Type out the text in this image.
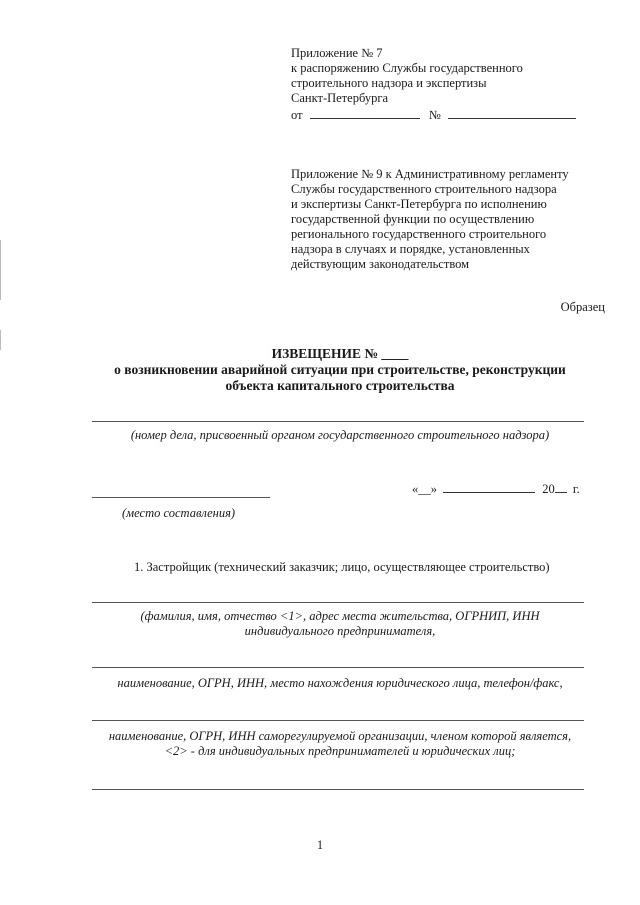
Приложение № 7
к распоряжению Службы государственного
строительного надзора и экспертизы
Санкт-Петербурга
от	№
Приложение № 9 к Административному регламенту
Службы государственного строительного надзора
и экспертизы Санкт-Петербурга по исполнению
государственной функции по осуществлению
регионального государственного строительного
надзора в случаях и порядке, установленных
действующим законодательством
Образец
ИЗВЕЩЕНИЕ № ____
о возникновении аварийной ситуации при строительстве, реконструкции
объекта капитального строительства
(номер дела, присвоенный органом государственного строительного надзора)
«__»	20 г.
(место составления)
1. Застройщик (технический заказчик; лицо, осуществляющее строительство)
(фамилия, имя, отчество <1>, адрес места жительства, ОГРНИП, ИНН
индивидуального предпринимателя,
наименование, ОГРН, ИНН, место нахождения юридического лица, телефон/факс,
наименование, ОГРН, ИНН саморегулируемой организации, членом которой является,
<2> - для индивидуальных предпринимателей и юридических лиц;
1
